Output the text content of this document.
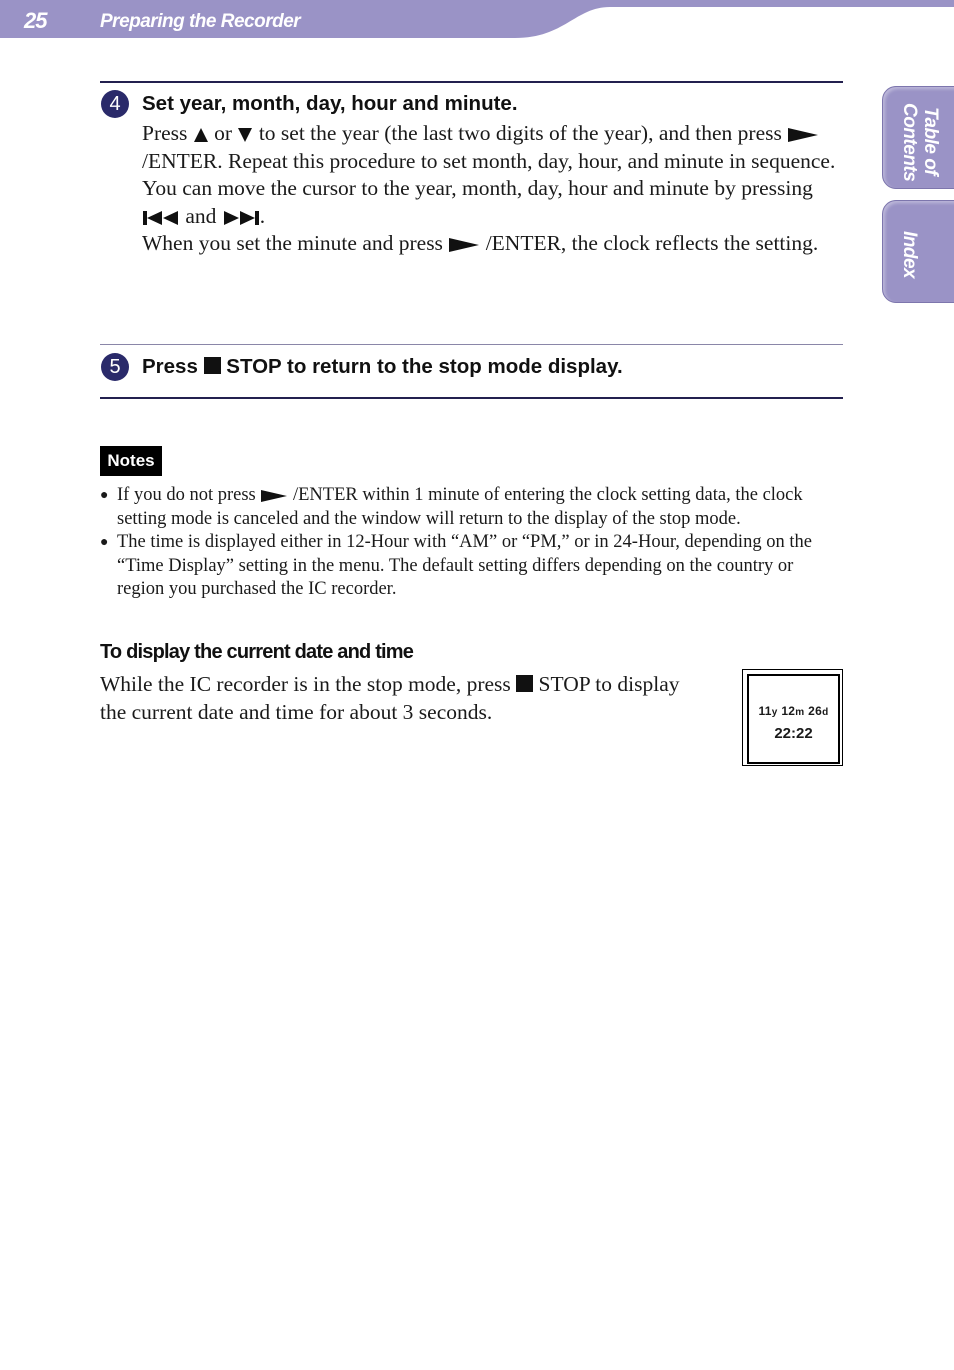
25	Preparing the Recorder
Table of
Contents
Index
4	Set year, month, day, hour and minute.

Press or to set the year (the last two digits of the year), and then press  /ENTER. Repeat this procedure to set month, day, hour, and minute in sequence.

You can move the cursor to the year, month, day, hour and minute by pressing  and .

When you set the minute and press /ENTER, the clock reflects the setting.

5	Press STOP to return to the stop mode display.
Notes
● If you do not press /ENTER within 1 minute of entering the clock setting data, the clock setting mode is canceled and the window will return to the display of the stop mode.
● The time is displayed either in 12-Hour with “AM” or “PM,” or in 24-Hour, depending on the “Time Display” setting in the menu. The default setting differs depending on the country or region you purchased the IC recorder.
To display the current date and time
While the IC recorder is in the stop mode, press STOP to display the current date and time for about 3 seconds.	11y 12m 26d
22:22
